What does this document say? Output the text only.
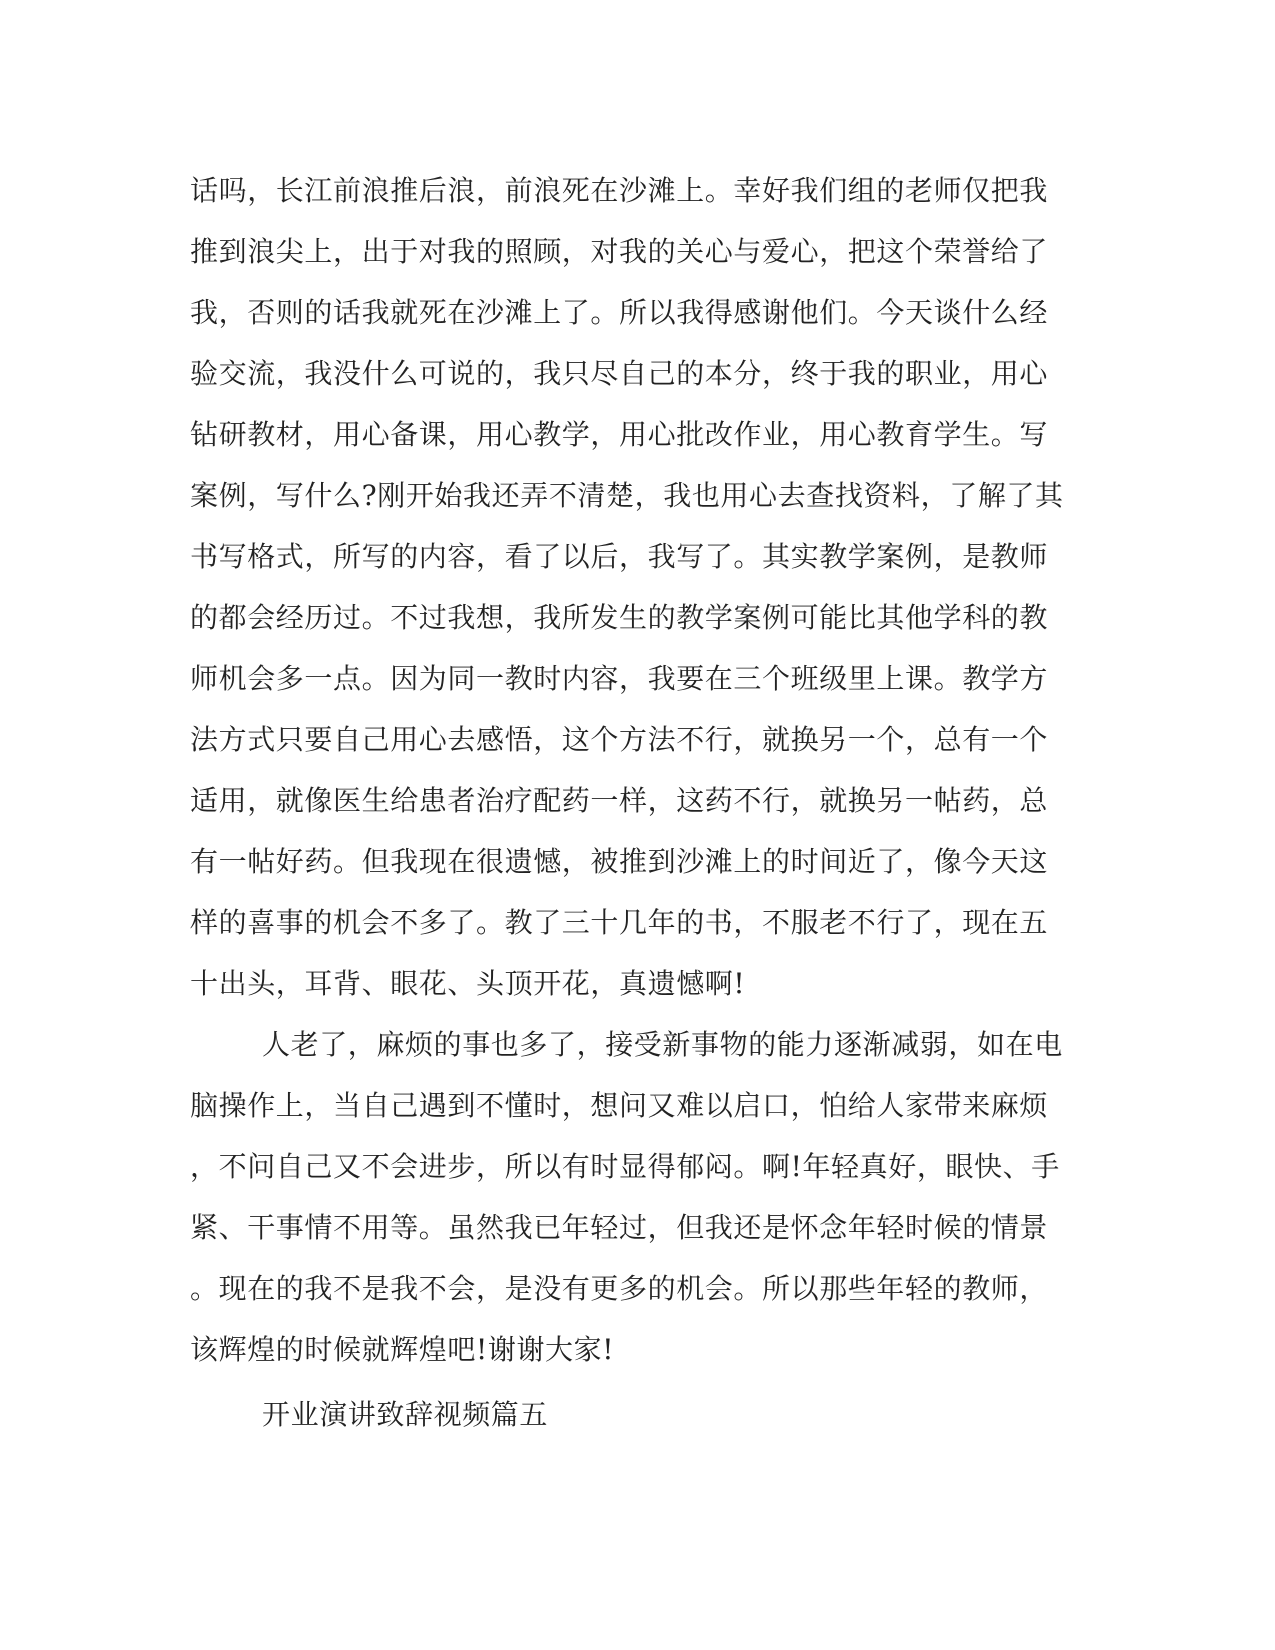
话吗，长江前浪推后浪，前浪死在沙滩上。幸好我们组的老师仅把我
推到浪尖上，出于对我的照顾，对我的关心与爱心，把这个荣誉给了
我，否则的话我就死在沙滩上了。所以我得感谢他们。今天谈什么经
验交流，我没什么可说的，我只尽自己的本分，终于我的职业，用心
钻研教材，用心备课，用心教学，用心批改作业，用心教育学生。写
案例，写什么?刚开始我还弄不清楚，我也用心去查找资料，了解了其
书写格式，所写的内容，看了以后，我写了。其实教学案例，是教师
的都会经历过。不过我想，我所发生的教学案例可能比其他学科的教
师机会多一点。因为同一教时内容，我要在三个班级里上课。教学方
法方式只要自己用心去感悟，这个方法不行，就换另一个，总有一个
适用，就像医生给患者治疗配药一样，这药不行，就换另一帖药，总
有一帖好药。但我现在很遗憾，被推到沙滩上的时间近了，像今天这
样的喜事的机会不多了。教了三十几年的书，不服老不行了，现在五
十出头，耳背、眼花、头顶开花，真遗憾啊!
人老了，麻烦的事也多了，接受新事物的能力逐渐减弱，如在电
脑操作上，当自己遇到不懂时，想问又难以启口，怕给人家带来麻烦
，不问自己又不会进步，所以有时显得郁闷。啊!年轻真好，眼快、手
紧、干事情不用等。虽然我已年轻过，但我还是怀念年轻时候的情景
。现在的我不是我不会，是没有更多的机会。所以那些年轻的教师，
该辉煌的时候就辉煌吧!谢谢大家!
开业演讲致辞视频篇五
